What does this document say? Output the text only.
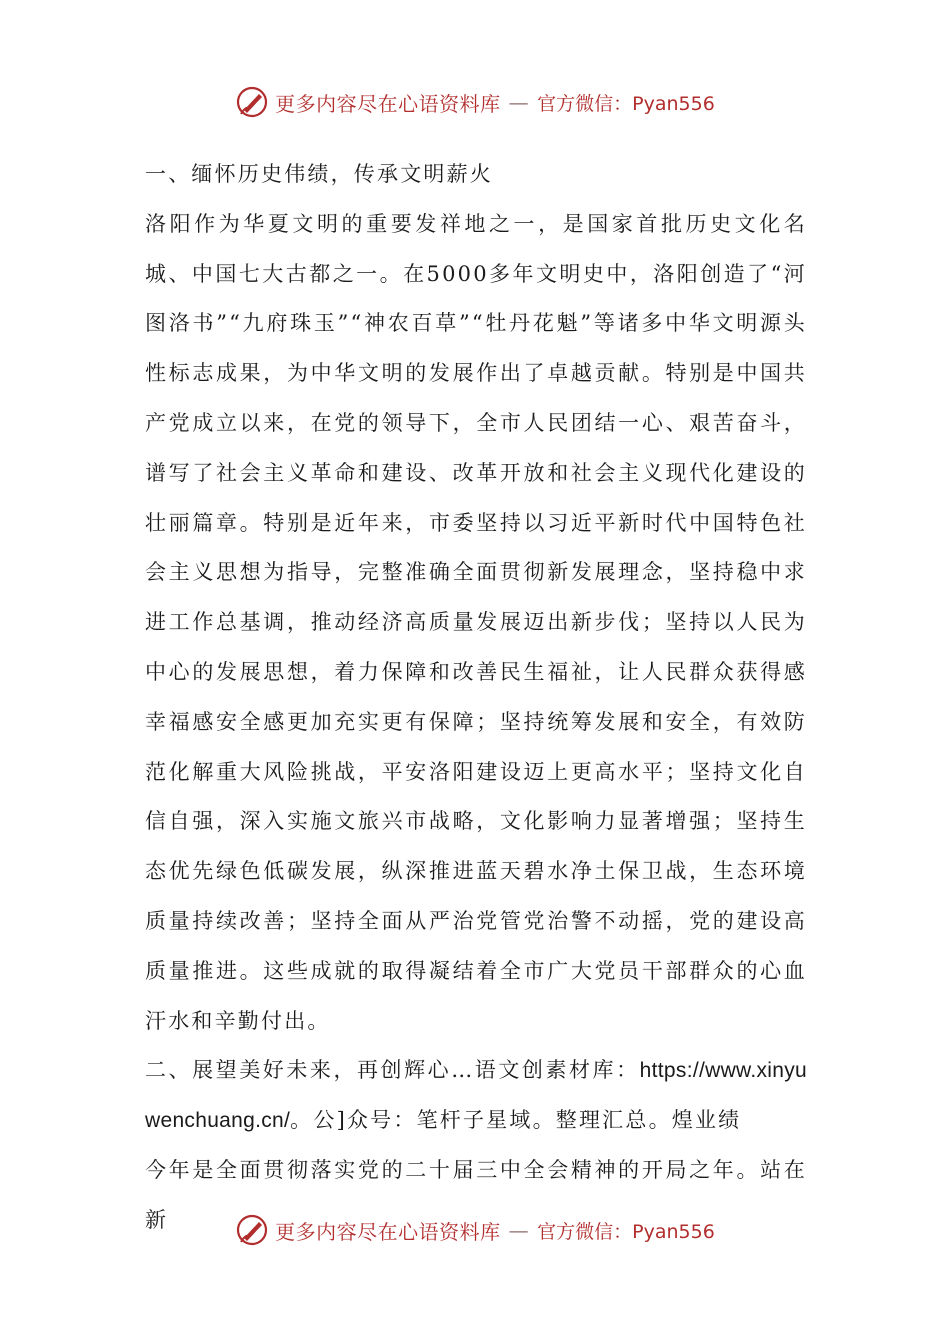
更多内容尽在心语资料库 — 官方微信：Pyan556

一、缅怀历史伟绩，传承文明薪火

洛阳作为华夏文明的重要发祥地之一，是国家首批历史文化名城、中国七大古都之一。在5000多年文明史中，洛阳创造了“河图洛书”“九府珠玉”“神农百草”“牡丹花魁”等诸多中华文明源头性标志成果，为中华文明的发展作出了卓越贡献。特别是中国共产党成立以来，在党的领导下，全市人民团结一心、艰苦奋斗，谱写了社会主义革命和建设、改革开放和社会主义现代化建设的壮丽篇章。特别是近年来，市委坚持以习近平新时代中国特色社会主义思想为指导，完整准确全面贯彻新发展理念，坚持稳中求进工作总基调，推动经济高质量发展迈出新步伐；坚持以人民为中心的发展思想，着力保障和改善民生福祉，让人民群众获得感幸福感安全感更加充实更有保障；坚持统筹发展和安全，有效防范化解重大风险挑战，平安洛阳建设迈上更高水平；坚持文化自信自强，深入实施文旅兴市战略，文化影响力显著增强；坚持生态优先绿色低碳发展，纵深推进蓝天碧水净土保卫战，生态环境质量持续改善；坚持全面从严治党管党治警不动摇，党的建设高质量推进。这些成就的取得凝结着全市广大党员干部群众的心血汗水和辛勤付出。

二、展望美好未来，再创辉心…语文创素材库：https://www.xinyuwenchuang.cn/。公]众号：笔杆子星域。整理汇总。煌业绩

今年是全面贯彻落实党的二十届三中全会精神的开局之年。站在新	更多内容尽在心语资料库 — 官方微信：Pyan556
